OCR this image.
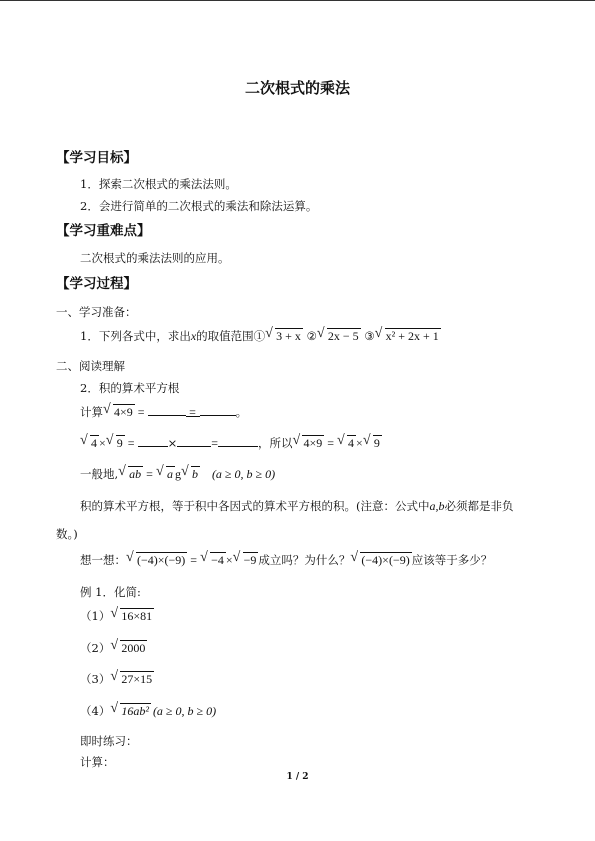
二次根式的乘法
【学习目标】
1．探索二次根式的乘法法则。
2．会进行简单的二次根式的乘法和除法运算。
【学习重难点】
二次根式的乘法法则的应用。
【学习过程】
一、学习准备：
1．下列各式中，求出x的取值范围① √ 3 + x ② √ 2x − 5 ③ √ x² + 2x + 1
二、阅读理解
2．积的算术平方根
计算 √ 4×9 =	=	。
√ 4 × √ 9 =	×	=	，所以 √ 4×9 = √ 4 × √ 9
一般地, √ ab = √ a g √ b (a ≥ 0, b ≥ 0)
积的算术平方根，等于积中各因式的算术平方根的积。(注意：公式中a,b必须都是非负
数。)
想一想： √ (−4)×(−9) = √ −4 × √ −9 成立吗？为什么？ √ (−4)×(−9) 应该等于多少？
例 1．化简:
（1） √ 16×81
（2） √ 2000
（3） √ 27×15
（4） √ 16ab² (a ≥ 0, b ≥ 0)
即时练习：
计算：
1 / 2
